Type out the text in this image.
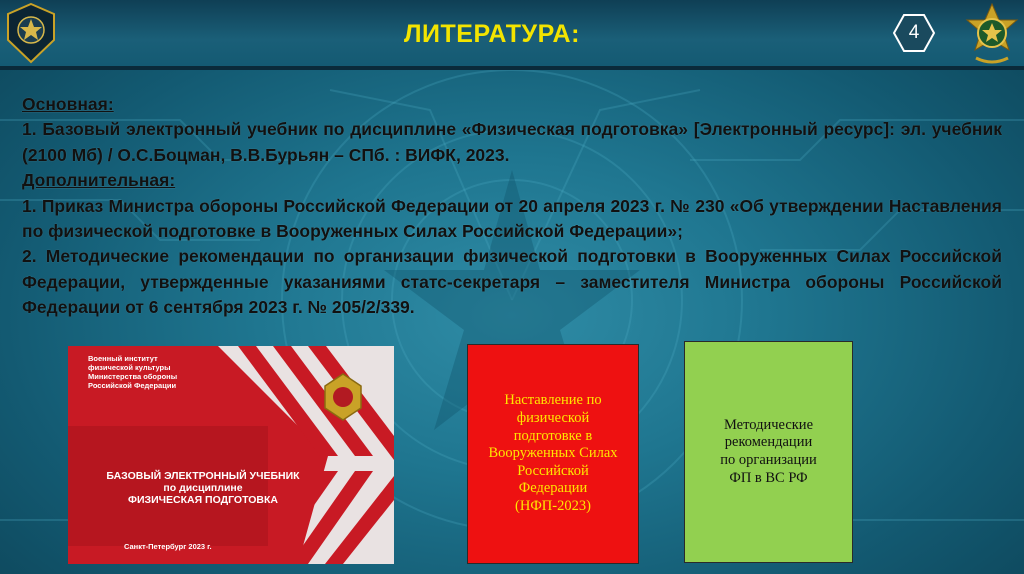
ЛИТЕРАТУРА:	4

Основная:

1. Базовый электронный учебник по дисциплине «Физическая подготовка» [Электронный ресурс]: эл. учебник (2100 Мб) / О.С.Боцман, В.В.Бурьян – СПб. : ВИФК, 2023.

Дополнительная:

1. Приказ Министра обороны Российской Федерации от 20 апреля 2023 г. № 230 «Об утверждении Наставления по физической подготовке в Вооруженных Силах Российской Федерации»;

2. Методические рекомендации по организации физической подготовки в Вооруженных Силах Российской Федерации, утвержденные указаниями статс-секретаря – заместителя Министра обороны Российской Федерации от 6 сентября 2023 г. № 205/2/339.

Военный институт
физической культуры
Министерства обороны
Российской Федерации
БАЗОВЫЙ ЭЛЕКТРОННЫЙ УЧЕБНИК
по дисциплине
ФИЗИЧЕСКАЯ ПОДГОТОВКА
Санкт-Петербург 2023 г.
Наставление по
физической
подготовке в
Вооруженных Силах
Российской
Федерации
(НФП-2023)
Методические
рекомендации
по организации
ФП в ВС РФ
